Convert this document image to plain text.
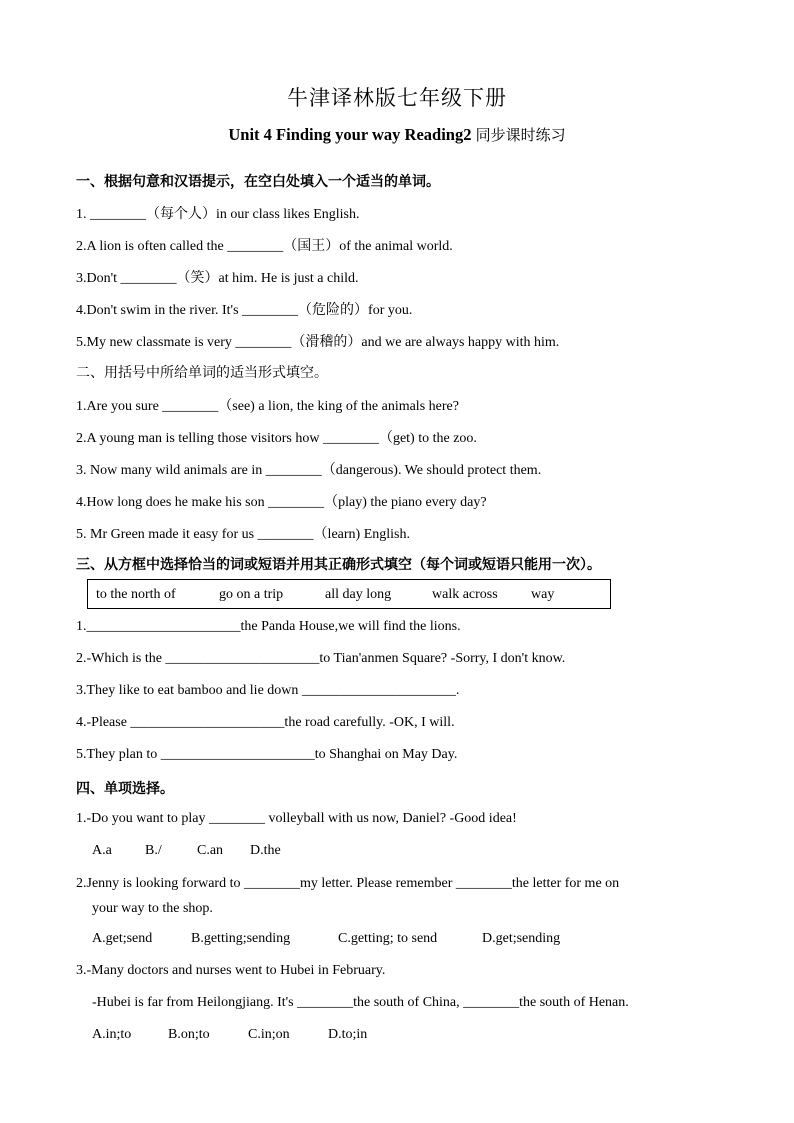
牛津译林版七年级下册
Unit 4 Finding your way Reading2 同步课时练习
一、根据句意和汉语提示，在空白处填入一个适当的单词。
1. ________（每个人）in our class likes English.
2.A lion is often called the ________（国王）of the animal world.
3.Don't ________（笑）at him. He is just a child.
4.Don't swim in the river. It's ________（危险的）for you.
5.My new classmate is very ________（滑稽的）and we are always happy with him.
二、用括号中所给单词的适当形式填空。
1.Are you sure ________（see) a lion, the king of the animals here?
2.A young man is telling those visitors how ________（get) to the zoo.
3. Now many wild animals are in ________（dangerous). We should protect them.
4.How long does he make his son ________（play) the piano every day?
5. Mr Green made it easy for us ________（learn) English.
三、从方框中选择恰当的词或短语并用其正确形式填空（每个词或短语只能用一次）。
to the north of	go on a trip	all day long	walk across way
1.______________________the Panda House,we will find the lions.
2.-Which is the ______________________to Tian'anmen Square? -Sorry, I don't know.
3.They like to eat bamboo and lie down ______________________.
4.-Please ______________________the road carefully. -OK, I will.
5.They plan to ______________________to Shanghai on May Day.
四、单项选择。
1.-Do you want to play ________ volleyball with us now, Daniel? -Good idea!
A.a B./	C.an D.the
2.Jenny is looking forward to ________my letter. Please remember ________the letter for me on
your way to the shop.
A.get;send	B.getting;sending	C.getting; to send	D.get;sending
3.-Many doctors and nurses went to Hubei in February.
-Hubei is far from Heilongjiang. It's ________the south of China, ________the south of Henan.
A.in;to	B.on;to	C.in;on	D.to;in
